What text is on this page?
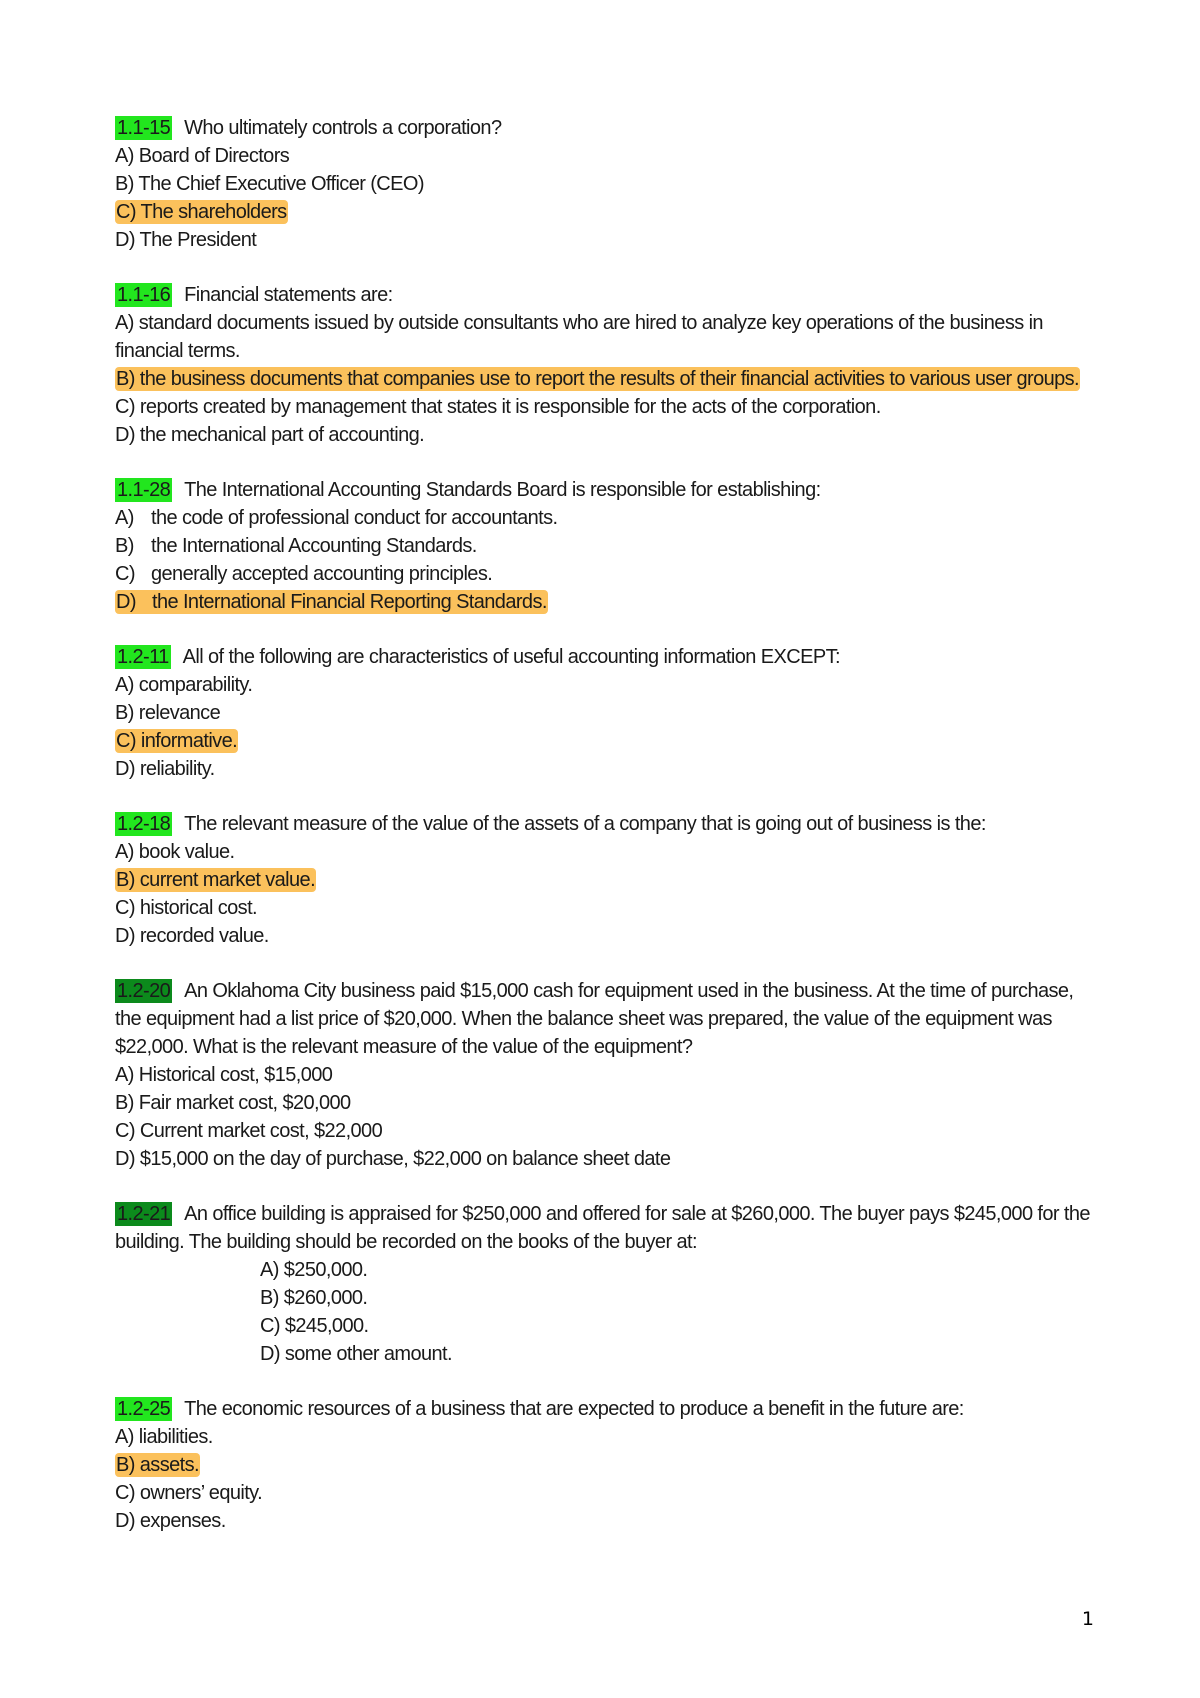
1.1-15 Who ultimately controls a corporation?

A) Board of Directors

B) The Chief Executive Officer (CEO)

C) The shareholders

D) The President

1.1-16 Financial statements are:

A) standard documents issued by outside consultants who are hired to analyze key operations of the business in financial terms.

B) the business documents that companies use to report the results of their financial activities to various user groups.

C) reports created by management that states it is responsible for the acts of the corporation.

D) the mechanical part of accounting.

1.1-28 The International Accounting Standards Board is responsible for establishing:

A) the code of professional conduct for accountants.

B) the International Accounting Standards.

C) generally accepted accounting principles.

D) the International Financial Reporting Standards.

1.2-11 All of the following are characteristics of useful accounting information EXCEPT:

A) comparability.

B) relevance

C) informative.

D) reliability.

1.2-18 The relevant measure of the value of the assets of a company that is going out of business is the:

A) book value.

B) current market value.

C) historical cost.

D) recorded value.

1.2-20 An Oklahoma City business paid $15,000 cash for equipment used in the business. At the time of purchase, the equipment had a list price of $20,000. When the balance sheet was prepared, the value of the equipment was $22,000. What is the relevant measure of the value of the equipment?

A) Historical cost, $15,000

B) Fair market cost, $20,000

C) Current market cost, $22,000

D) $15,000 on the day of purchase, $22,000 on balance sheet date

1.2-21 An office building is appraised for $250,000 and offered for sale at $260,000. The buyer pays $245,000 for the building. The building should be recorded on the books of the buyer at:

A) $250,000.

B) $260,000.

C) $245,000.

D) some other amount.

1.2-25 The economic resources of a business that are expected to produce a benefit in the future are:

A) liabilities.

B) assets.

C) owners’ equity.

D) expenses.

1
